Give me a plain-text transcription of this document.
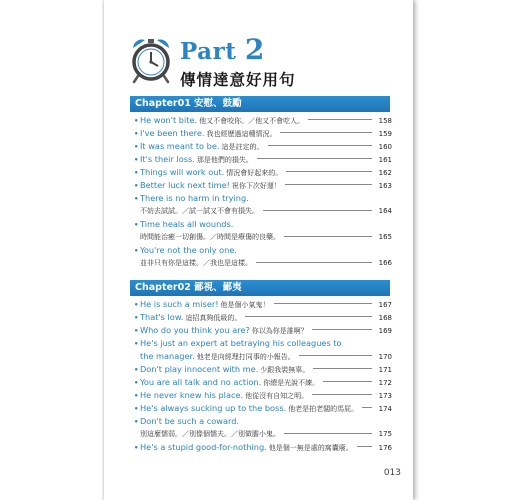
Part 2
傳情達意好用句
Chapter01 安慰、鼓勵
• He won't bite. 他又不會咬你。／他又不會吃人。	158
• I've been there. 我也經歷過這種情況。	159
• It was meant to be. 這是註定的。	160
• It's their loss. 那是他們的損失。	161
• Things will work out. 情況會好起來的。	162
• Better luck next time! 祝你下次好運！	163
• There is no harm in trying.
不妨去試試。／試一試又不會有損失。	164
• Time heals all wounds.
時間能治癒一切創傷。／時間是療傷的良藥。	165
• You're not the only one.
並非只有你是這樣。／我也是這樣。	166
Chapter02 鄙視、鄙夷
• He is such a miser! 他是個小氣鬼！	167
• That's low. 這招真夠低級的。	168
• Who do you think you are? 你以為你是誰啊？	169
• He's just an expert at betraying his colleagues to
the manager. 他老是向經理打同事的小報告。	170
• Don't play innocent with me. 少跟我裝無辜。	171
• You are all talk and no action. 你總是光說不練。	172
• He never knew his place. 他從沒有自知之明。	173
• He's always sucking up to the boss. 他老是拍老闆的馬屁。	174
• Don't be such a coward.
別這麼懦弱。／別像個懦夫。／別做膽小鬼。	175
• He's a stupid good-for-nothing. 他是個一無是處的窩囊廢。	176
013
